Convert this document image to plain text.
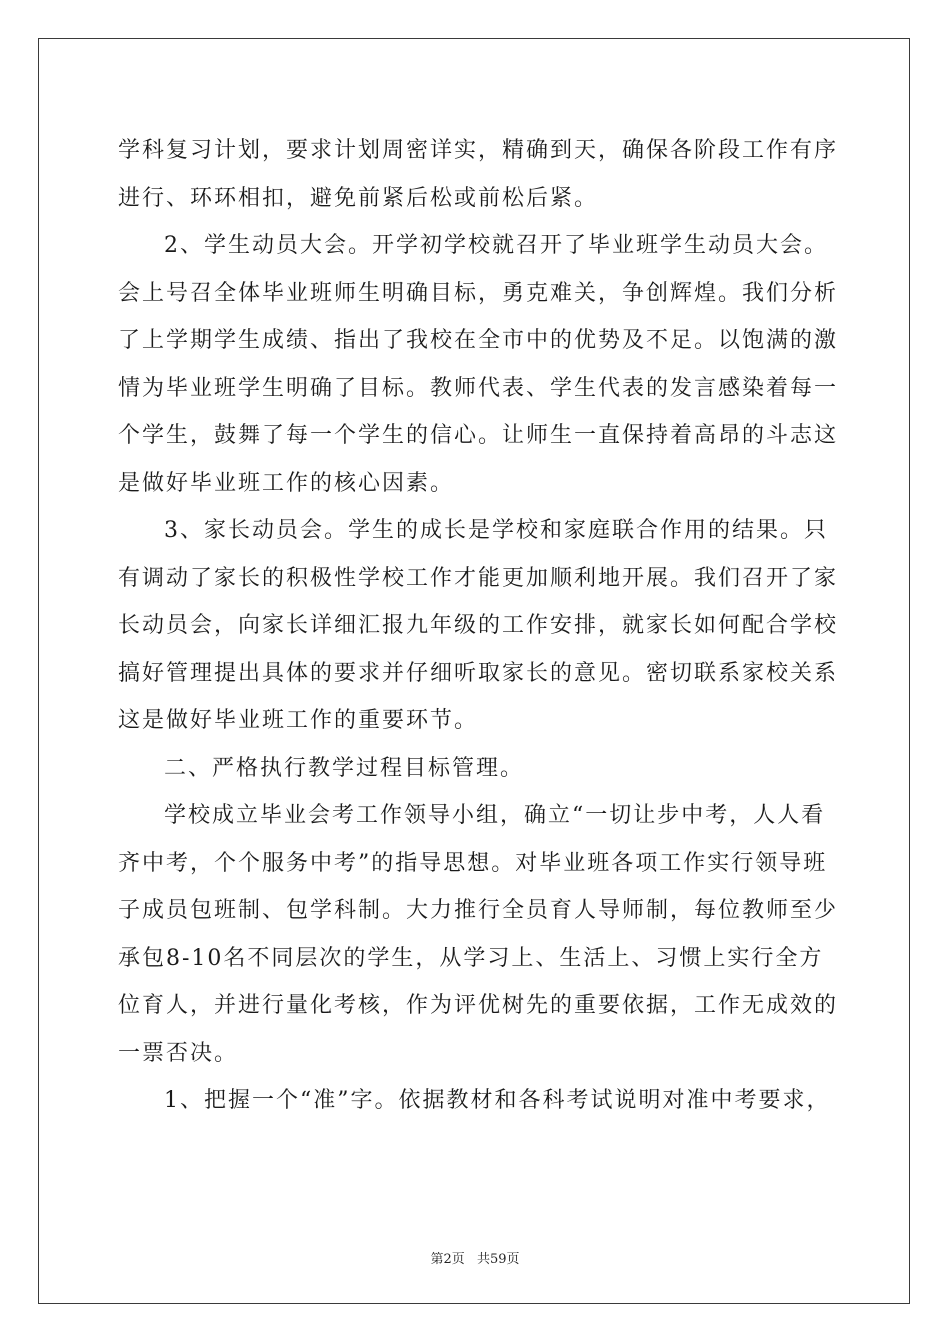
学科复习计划，要求计划周密详实，精确到天，确保各阶段工作有序
进行、环环相扣，避免前紧后松或前松后紧。
2、学生动员大会。开学初学校就召开了毕业班学生动员大会。
会上号召全体毕业班师生明确目标，勇克难关，争创辉煌。我们分析
了上学期学生成绩、指出了我校在全市中的优势及不足。以饱满的激
情为毕业班学生明确了目标。教师代表、学生代表的发言感染着每一
个学生，鼓舞了每一个学生的信心。让师生一直保持着高昂的斗志这
是做好毕业班工作的核心因素。
3、家长动员会。学生的成长是学校和家庭联合作用的结果。只
有调动了家长的积极性学校工作才能更加顺利地开展。我们召开了家
长动员会，向家长详细汇报九年级的工作安排，就家长如何配合学校
搞好管理提出具体的要求并仔细听取家长的意见。密切联系家校关系
这是做好毕业班工作的重要环节。
二、严格执行教学过程目标管理。
学校成立毕业会考工作领导小组，确立“一切让步中考，人人看
齐中考，个个服务中考”的指导思想。对毕业班各项工作实行领导班
子成员包班制、包学科制。大力推行全员育人导师制，每位教师至少
承包8-10名不同层次的学生，从学习上、生活上、习惯上实行全方
位育人，并进行量化考核，作为评优树先的重要依据，工作无成效的
一票否决。
1、把握一个“准”字。依据教材和各科考试说明对准中考要求，
第2页 共59页
